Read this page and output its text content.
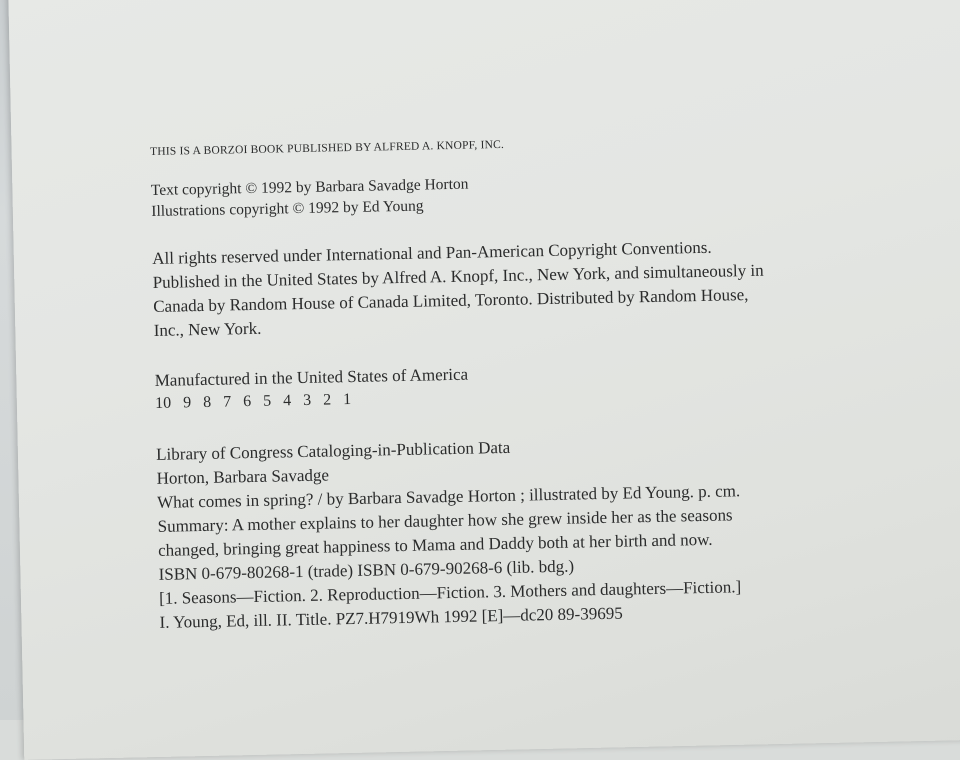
THIS IS A BORZOI BOOK PUBLISHED BY ALFRED A. KNOPF, INC.

Text copyright © 1992 by Barbara Savadge Horton
Illustrations copyright © 1992 by Ed Young
All rights reserved under International and Pan-American Copyright Conventions.
Published in the United States by Alfred A. Knopf, Inc., New York, and simultaneously in
Canada by Random House of Canada Limited, Toronto. Distributed by Random House,
Inc., New York.
Manufactured in the United States of America
10 9 8 7 6 5 4 3 2 1
Library of Congress Cataloging-in-Publication Data
Horton, Barbara Savadge
What comes in spring? / by Barbara Savadge Horton ; illustrated by Ed Young. p. cm.
Summary: A mother explains to her daughter how she grew inside her as the seasons
changed, bringing great happiness to Mama and Daddy both at her birth and now.
ISBN 0-679-80268-1 (trade) ISBN 0-679-90268-6 (lib. bdg.)
[1. Seasons—Fiction. 2. Reproduction—Fiction. 3. Mothers and daughters—Fiction.]
I. Young, Ed, ill. II. Title. PZ7.H7919Wh 1992 [E]—dc20 89-39695
